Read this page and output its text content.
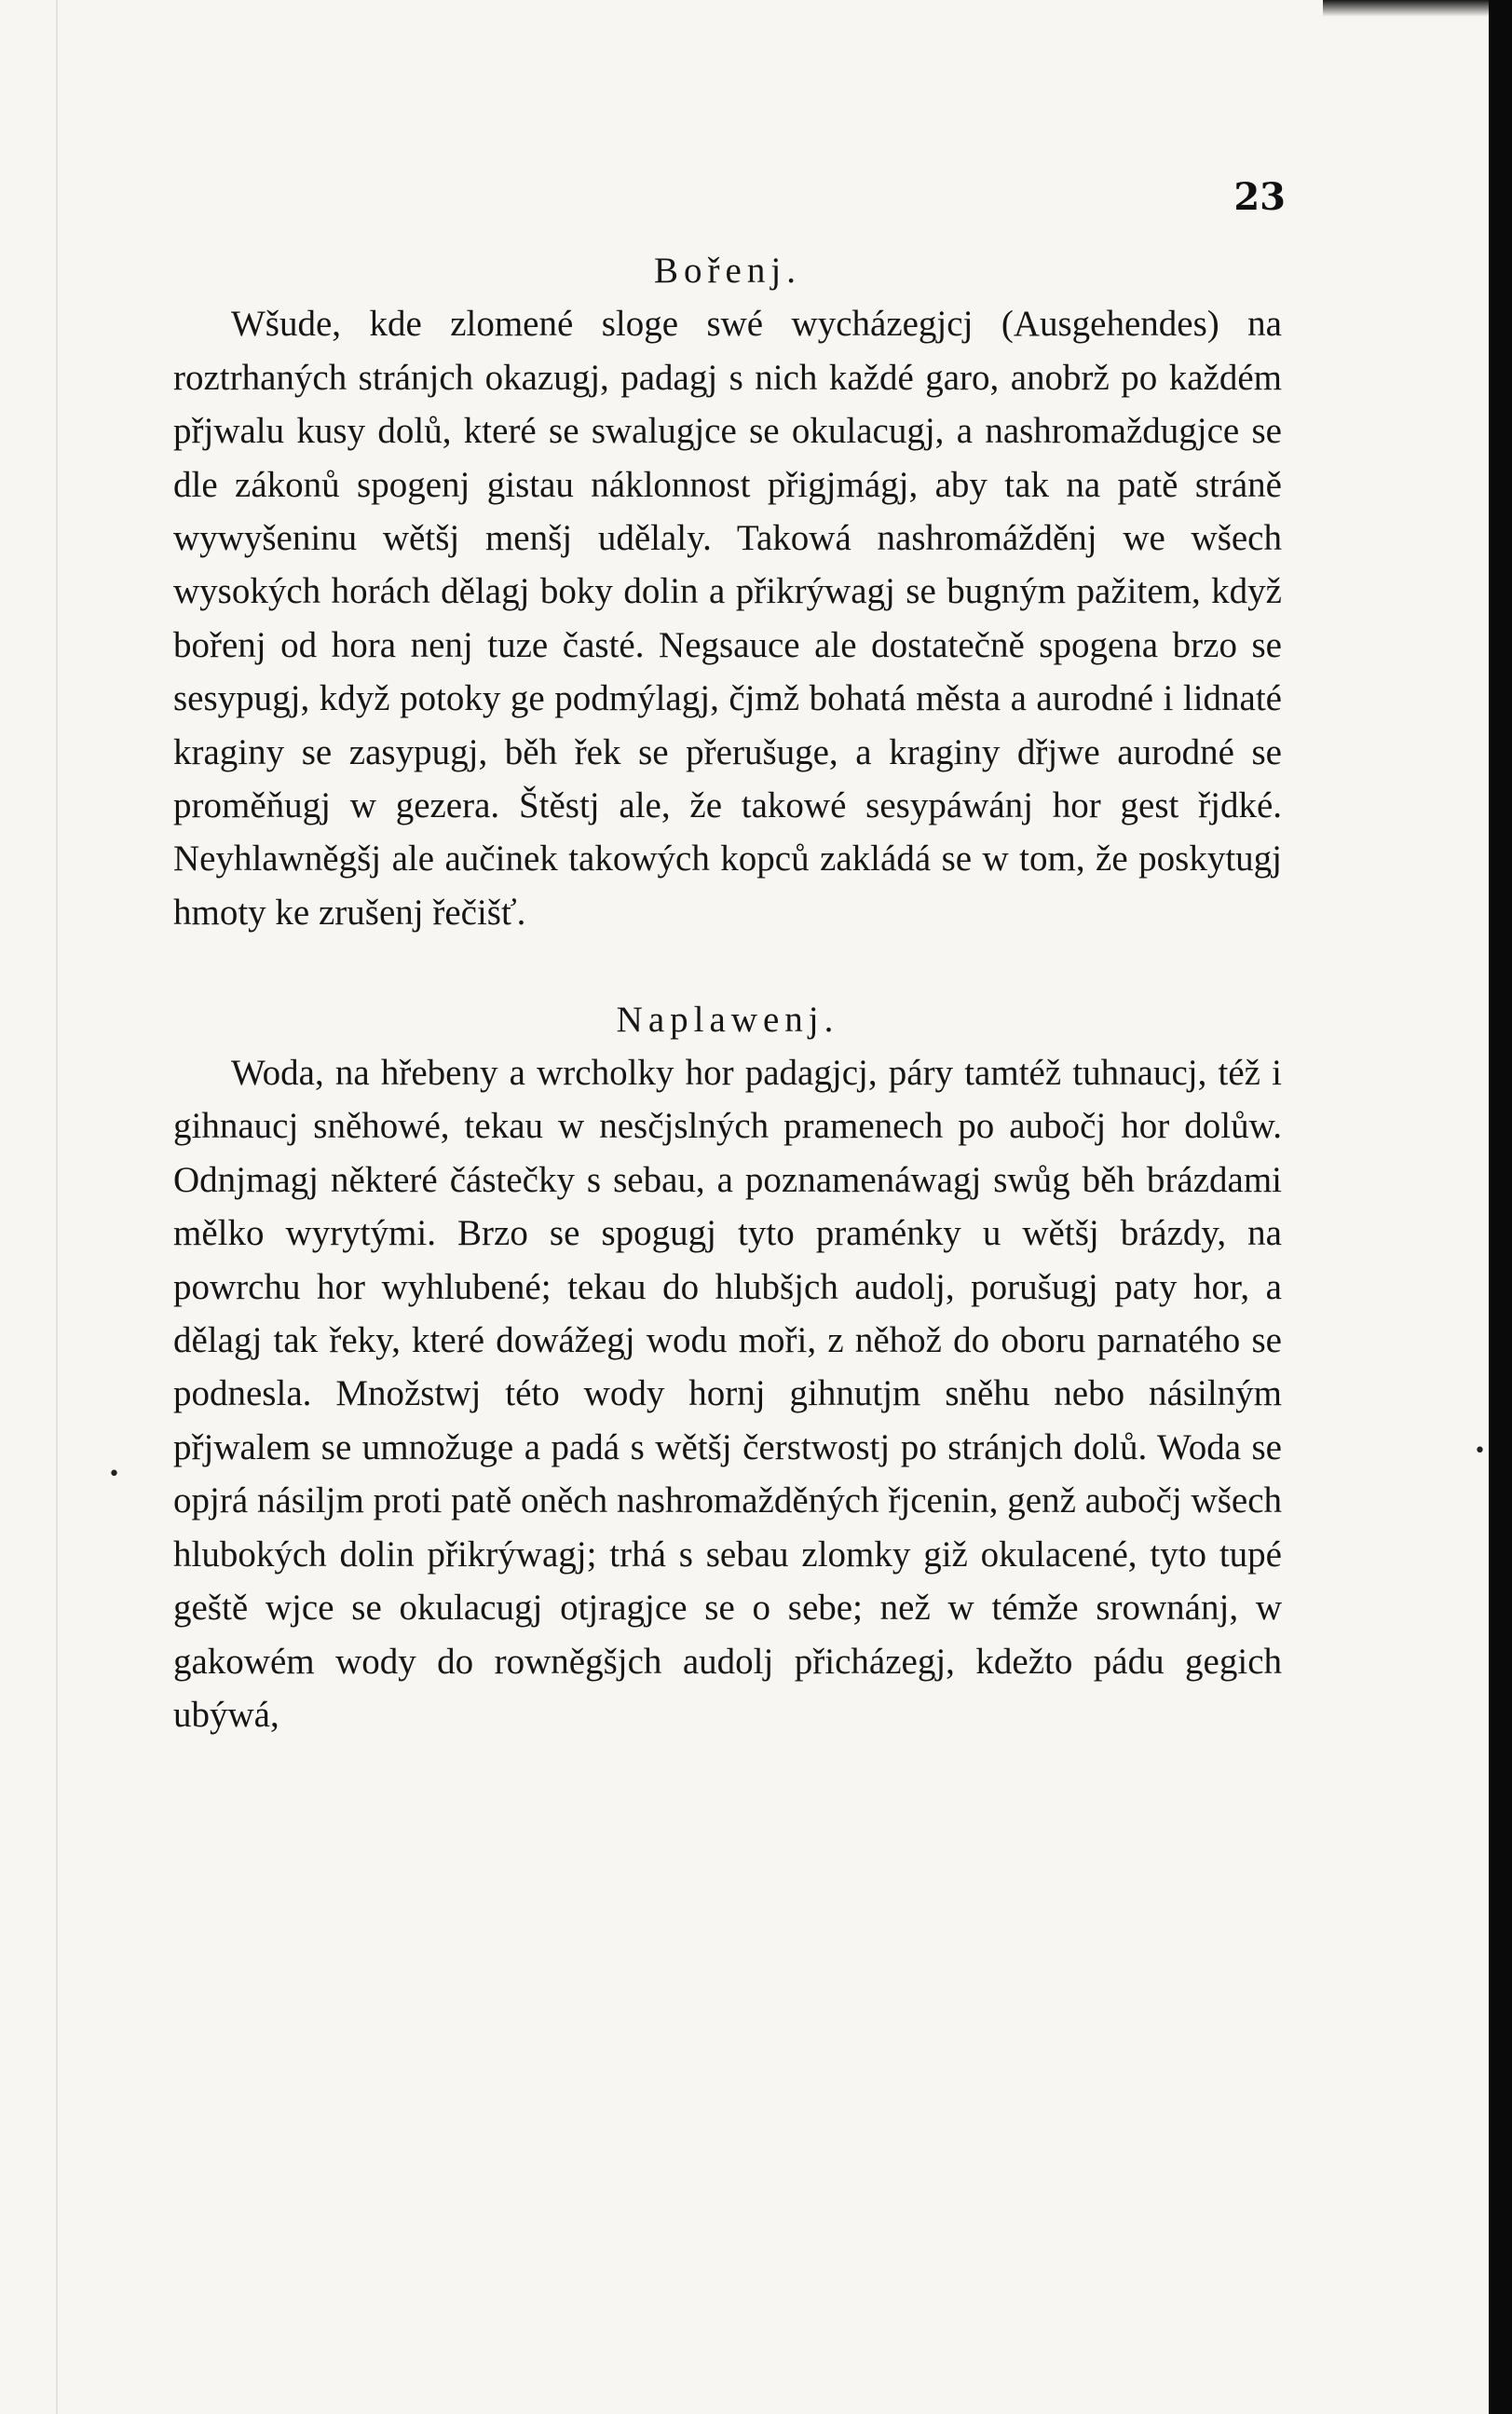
23
Bořenj.

Wšude, kde zlomené sloge swé wycházegjcj (Ausgehendes) na roztrhaných stránjch okazugj, padagj s nich každé garo, anobrž po každém přjwalu kusy dolů, které se swalugjce se okulacugj, a nashromaždugjce se dle zákonů spogenj gistau náklonnost přigjmágj, aby tak na patě stráně wywyšeninu wětšj menšj udělaly. Takowá nashromážděnj we wšech wysokých horách dělagj boky dolin a přikrýwagj se bugným pažitem, když bořenj od hora nenj tuze časté. Negsauce ale dostatečně spogena brzo se sesypugj, když potoky ge podmýlagj, čjmž bohatá města a aurodné i lidnaté kraginy se zasypugj, běh řek se přerušuge, a kraginy dřjwe aurodné se proměňugj w gezera. Štěstj ale, že takowé sesypáwánj hor gest řjdké. Neyhlawněgšj ale aučinek takowých kopců zakládá se w tom, že poskytugj hmoty ke zrušenj řečišť.

Naplawenj.

Woda, na hřebeny a wrcholky hor padagjcj, páry tamtéž tuhnaucj, též i gihnaucj sněhowé, tekau w nesčjslných pramenech po aubočj hor dolůw. Odnjmagj některé částečky s sebau, a poznamenáwagj swůg běh brázdami mělko wyrytými. Brzo se spogugj tyto praménky u wětšj brázdy, na powrchu hor wyhlubené; tekau do hlubšjch audolj, porušugj paty hor, a dělagj tak řeky, které dowážegj wodu moři, z něhož do oboru parnatého se podnesla. Množstwj této wody hornj gihnutjm sněhu nebo násilným přjwalem se umnožuge a padá s wětšj čerstwostj po stránjch dolů. Woda se opjrá násiljm proti patě oněch nashromažděných řjcenin, genž aubočj wšech hlubokých dolin přikrýwagj; trhá s sebau zlomky giž okulacené, tyto tupé geště wjce se okulacugj otjragjce se o sebe; než w témže srownánj, w gakowém wody do rowněgšjch audolj přicházegj, kdežto pádu gegich ubýwá,

•
•
